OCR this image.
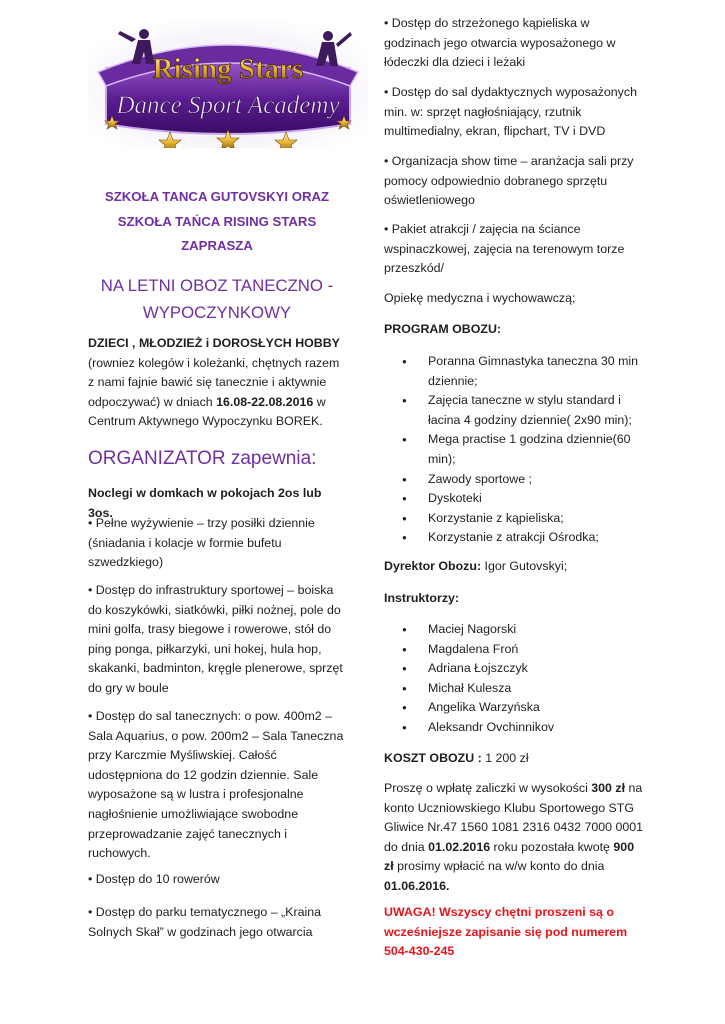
Rising Stars
Dance Sport Academy
SZKOŁA TANCA GUTOVSKYI ORAZ
SZKOŁA TAŃCA RISING STARS
ZAPRASZA
NA LETNI OBOZ TANECZNO -
WYPOCZYNKOWY

DZIECI , MŁODZIEŻ i DOROSŁYCH HOBBY (rowniez kolegów i koleżanki, chętnych razem z nami fajnie bawić się tanecznie i aktywnie odpoczywać) w dniach 16.08-22.08.2016 w Centrum Aktywnego Wypoczynku BOREK.

ORGANIZATOR zapewnia:

Noclegi w domkach w pokojach 2os lub 3os.

• Pełne wyżywienie – trzy posiłki dziennie (śniadania i kolacje w formie bufetu szwedzkiego)

• Dostęp do infrastruktury sportowej – boiska do koszykówki, siatkówki, piłki nożnej, pole do mini golfa, trasy biegowe i rowerowe, stół do ping ponga, piłkarzyki, uni hokej, hula hop, skakanki, badminton, kręgle plenerowe, sprzęt do gry w boule

• Dostęp do sal tanecznych: o pow. 400m2 – Sala Aquarius, o pow. 200m2 – Sala Taneczna przy Karczmie Myśliwskiej. Całość udostępniona do 12 godzin dziennie. Sale wyposażone są w lustra i profesjonalne nagłośnienie umożliwiające swobodne przeprowadzanie zajęć tanecznych i ruchowych.

• Dostęp do 10 rowerów

• Dostęp do parku tematycznego – „Kraina Solnych Skał” w godzinach jego otwarcia

• Dostęp do strzeżonego kąpieliska w godzinach jego otwarcia wyposażonego w łódeczki dla dzieci i leżaki

• Dostęp do sal dydaktycznych wyposażonych min. w: sprzęt nagłośniający, rzutnik multimedialny, ekran, flipchart, TV i DVD

• Organizacja show time – aranżacja sali przy pomocy odpowiednio dobranego sprzętu oświetleniowego

• Pakiet atrakcji / zajęcia na ściance wspinaczkowej, zajęcia na terenowym torze przeszkód/

Opiekę medyczna i wychowawczą;

PROGRAM OBOZU:

● Poranna Gimnastyka taneczna 30 min dziennie;
● Zajęcia taneczne w stylu standard i łacina 4 godziny dziennie( 2x90 min);
● Mega practise 1 godzina dziennie(60 min);
● Zawody sportowe ;
● Dyskoteki
● Korzystanie z kąpieliska;
● Korzystanie z atrakcji Ośrodka;

Dyrektor Obozu: Igor Gutovskyi;

Instruktorzy:

● Maciej Nagorski
● Magdalena Froń
● Adriana Łojszczyk
● Michał Kulesza
● Angelika Warzyńska
● Aleksandr Ovchinnikov

KOSZT OBOZU : 1 200 zł

Proszę o wpłatę zaliczki w wysokości 300 zł na konto Uczniowskiego Klubu Sportowego STG Gliwice Nr.47 1560 1081 2316 0432 7000 0001 do dnia 01.02.2016 roku pozostała kwotę 900 zł prosimy wpłacić na w/w konto do dnia 01.06.2016.

UWAGA! Wszyscy chętni proszeni są o wcześniejsze zapisanie się pod numerem 504-430-245
